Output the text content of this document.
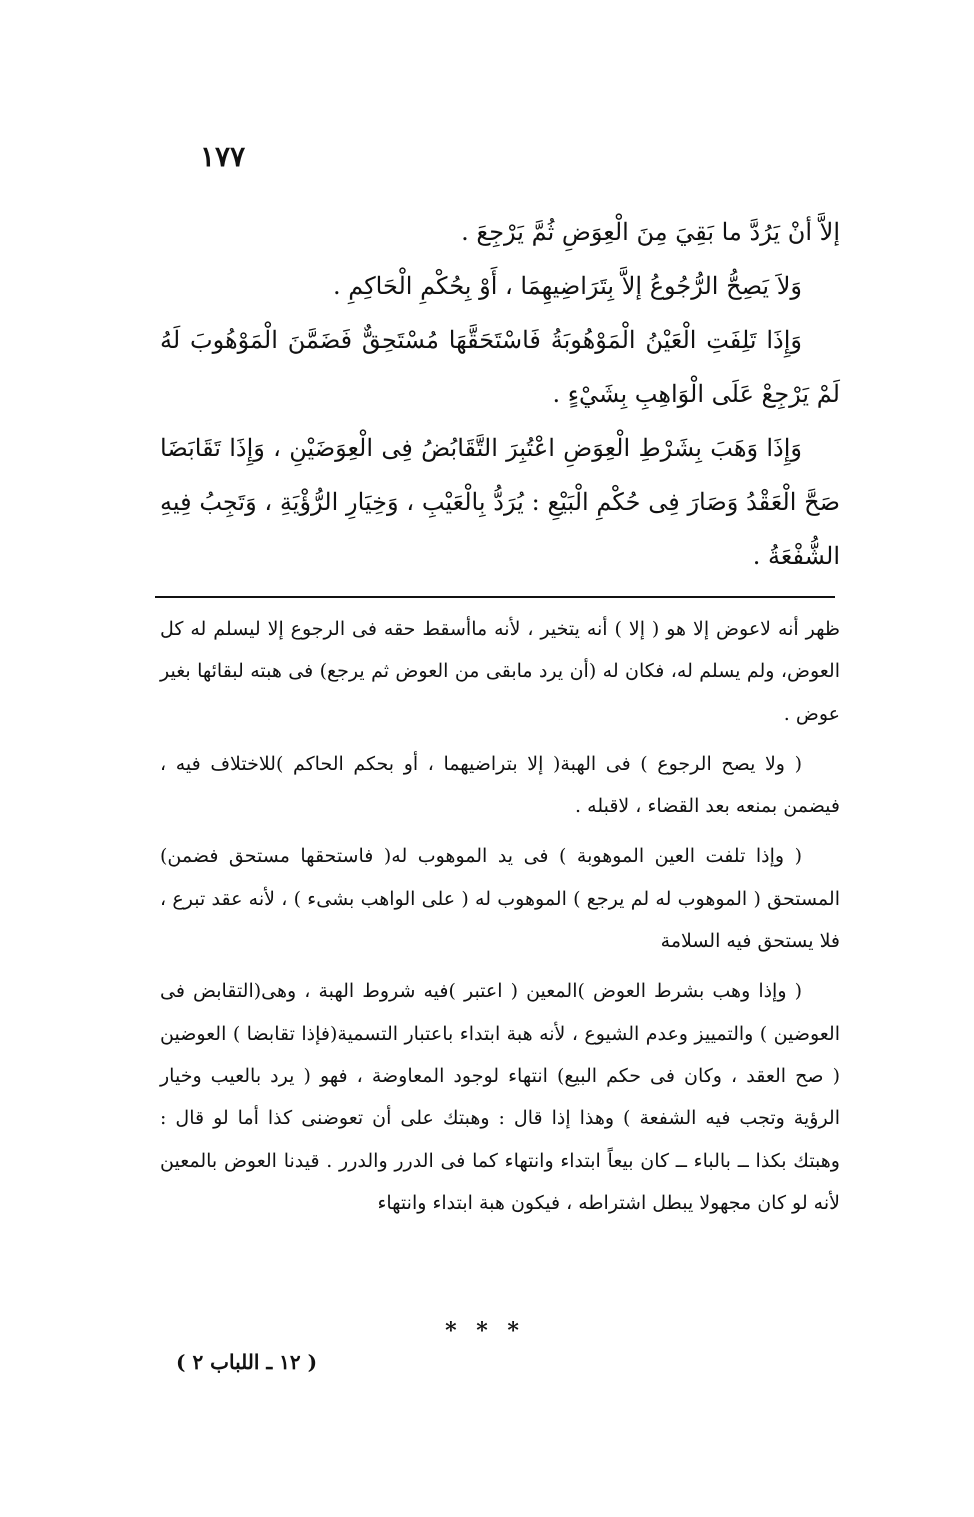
١٧٧

إلاَّ أنْ يَرُدَّ ما بَقِيَ مِنَ الْعِوَضِ ثُمَّ يَرْجِعَ .

وَلاَ يَصِحُّ الرُّجُوعُ إلاَّ بِتَرَاضِيهِمَا ، أَوْ بِحُكْمِ الْحَاكِمِ .

وَإِذَا تَلِفَتِ الْعَيْنُ الْمَوْهُوبَةُ فَاسْتَحَقَّهَا مُسْتَحِقٌّ فَضَمَّنَ الْمَوْهُوبَ لَهُ لَمْ يَرْجِعْ عَلَى الْوَاهِبِ بِشَيْءٍ .

وَإِذَا وَهَبَ بِشَرْطِ الْعِوَضِ اعْتُبِرَ التَّقَابُضُ فِى الْعِوَضَيْنِ ، وَإِذَا تَقَابَضَا صَحَّ الْعَقْدُ وَصَارَ فِى حُكْمِ الْبَيْعِ : يُرَدُّ بِالْعَيْبِ ، وَخِيَارِ الرُّؤْيَةِ ، وَتَجِبُ فِيهِ الشُّفْعَةُ .

ظهر أنه لاعوض إلا هو ( إلا ) أنه يتخير ، لأنه ماأسقط حقه فى الرجوع إلا ليسلم له كل العوض، ولم يسلم له، فكان له (أن يرد مابقى من العوض ثم يرجع) فى هبته لبقائها بغير عوض .

( ولا يصح الرجوع ) فى الهبة( إلا بتراضيهما ، أو بحكم الحاكم )للاختلاف فيه ، فيضمن بمنعه بعد القضاء ، لاقبله .

( وإذا تلفت العين الموهوبة ) فى يد الموهوب له( فاستحقها مستحق فضمن) المستحق ( الموهوب له لم يرجع ) الموهوب له ( على الواهب بشىء ) ، لأنه عقد تبرع ، فلا يستحق فيه السلامة

( وإذا وهب بشرط العوض )المعين ( اعتبر )فيه شروط الهبة ، وهى(التقابض فى العوضين ) والتمييز وعدم الشيوع ، لأنه هبة ابتداء باعتبار التسمية(فإذا تقابضا ) العوضين ( صح العقد ، وكان فى حكم البيع) انتهاء لوجود المعاوضة ، فهو ( يرد بالعيب وخيار الرؤية وتجب فيه الشفعة ) وهذا إذا قال : وهبتك على أن تعوضنى كذا أما لو قال : وهبتك بكذا ــ بالباء ــ كان بيعاً ابتداء وانتهاء كما فى الدرر والدرر . قيدنا العوض بالمعين لأنه لو كان مجهولا يبطل اشتراطه ، فيكون هبة ابتداء وانتهاء

* * *
( ١٢ ـ اللباب ٢ )
